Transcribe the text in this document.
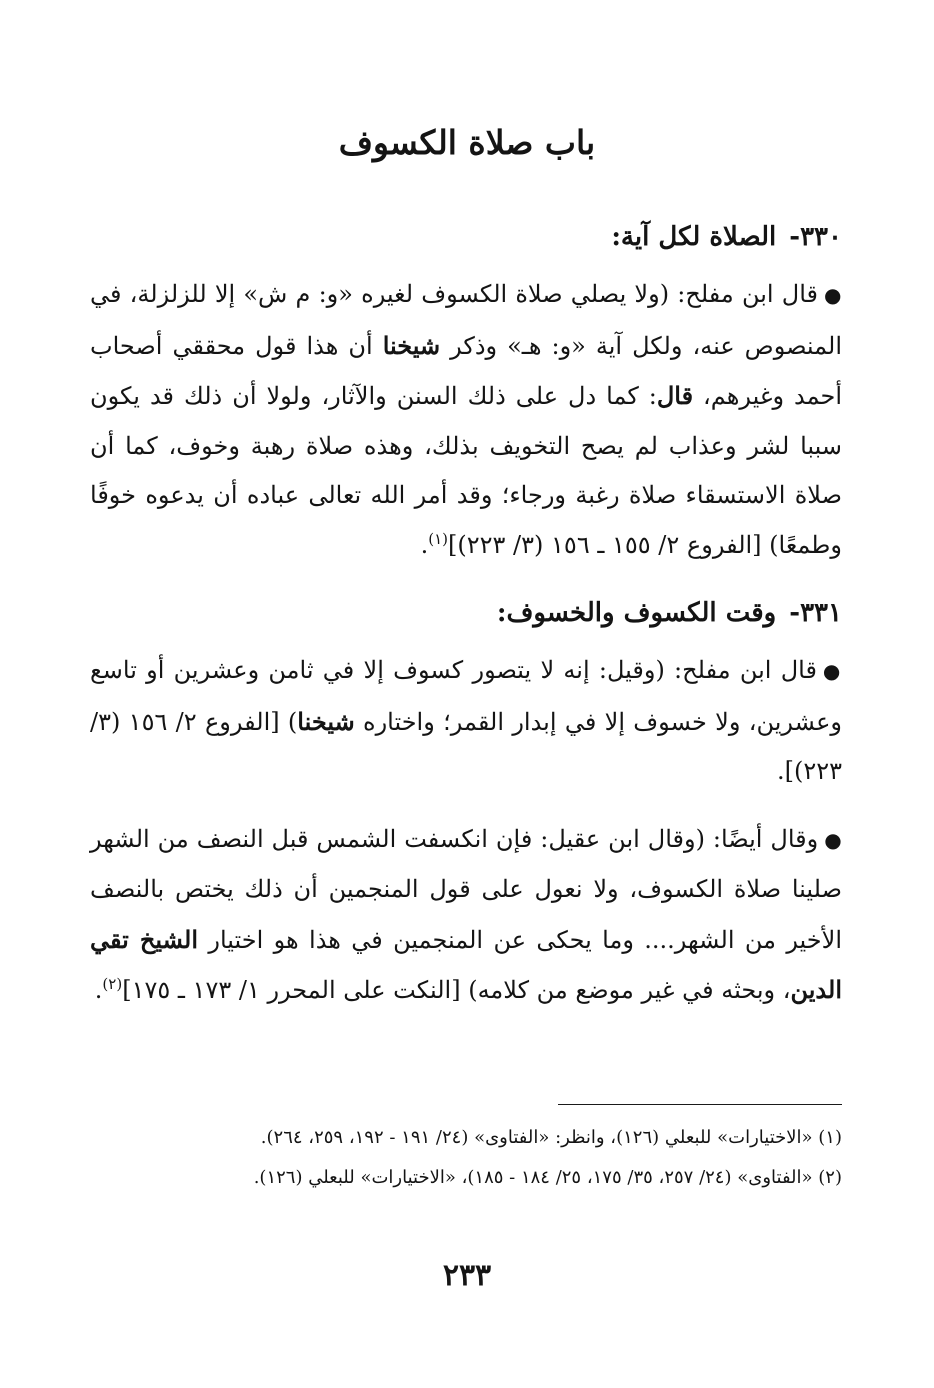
باب صلاة الكسوف
٣٣٠- الصلاة لكل آية:

●قال ابن مفلح: (ولا يصلي صلاة الكسوف لغيره «و: م ش» إلا للزلزلة، في المنصوص عنه، ولكل آية «و: هـ» وذكر شيخنا أن هذا قول محققي أصحاب أحمد وغيرهم، قال: كما دل على ذلك السنن والآثار، ولولا أن ذلك قد يكون سببا لشر وعذاب لم يصح التخويف بذلك، وهذه صلاة رهبة وخوف، كما أن صلاة الاستسقاء صلاة رغبة ورجاء؛ وقد أمر الله تعالى عباده أن يدعوه خوفًا وطمعًا) [الفروع ٢/ ١٥٥ ـ ١٥٦ (٣/ ٢٢٣)]$^{(١)}$.

٣٣١- وقت الكسوف والخسوف:

●قال ابن مفلح: (وقيل: إنه لا يتصور كسوف إلا في ثامن وعشرين أو تاسع وعشرين، ولا خسوف إلا في إبدار القمر؛ واختاره شيخنا) [الفروع ٢/ ١٥٦ (٣/ ٢٢٣)].

●وقال أيضًا: (وقال ابن عقيل: فإن انكسفت الشمس قبل النصف من الشهر صلينا صلاة الكسوف، ولا نعول على قول المنجمين أن ذلك يختص بالنصف الأخير من الشهر.... وما يحكى عن المنجمين في هذا هو اختيار الشيخ تقي الدين، وبحثه في غير موضع من كلامه) [النكت على المحرر ١/ ١٧٣ ـ ١٧٥]$^{(٢)}$.

(١) «الاختيارات» للبعلي (١٢٦)، وانظر: «الفتاوى» (٢٤/ ١٩١ - ١٩٢، ٢٥٩، ٢٦٤).

(٢) «الفتاوى» (٢٤/ ٢٥٧، ٣٥/ ١٧٥، ٢٥/ ١٨٤ - ١٨٥)، «الاختيارات» للبعلي (١٢٦).

٢٣٣
